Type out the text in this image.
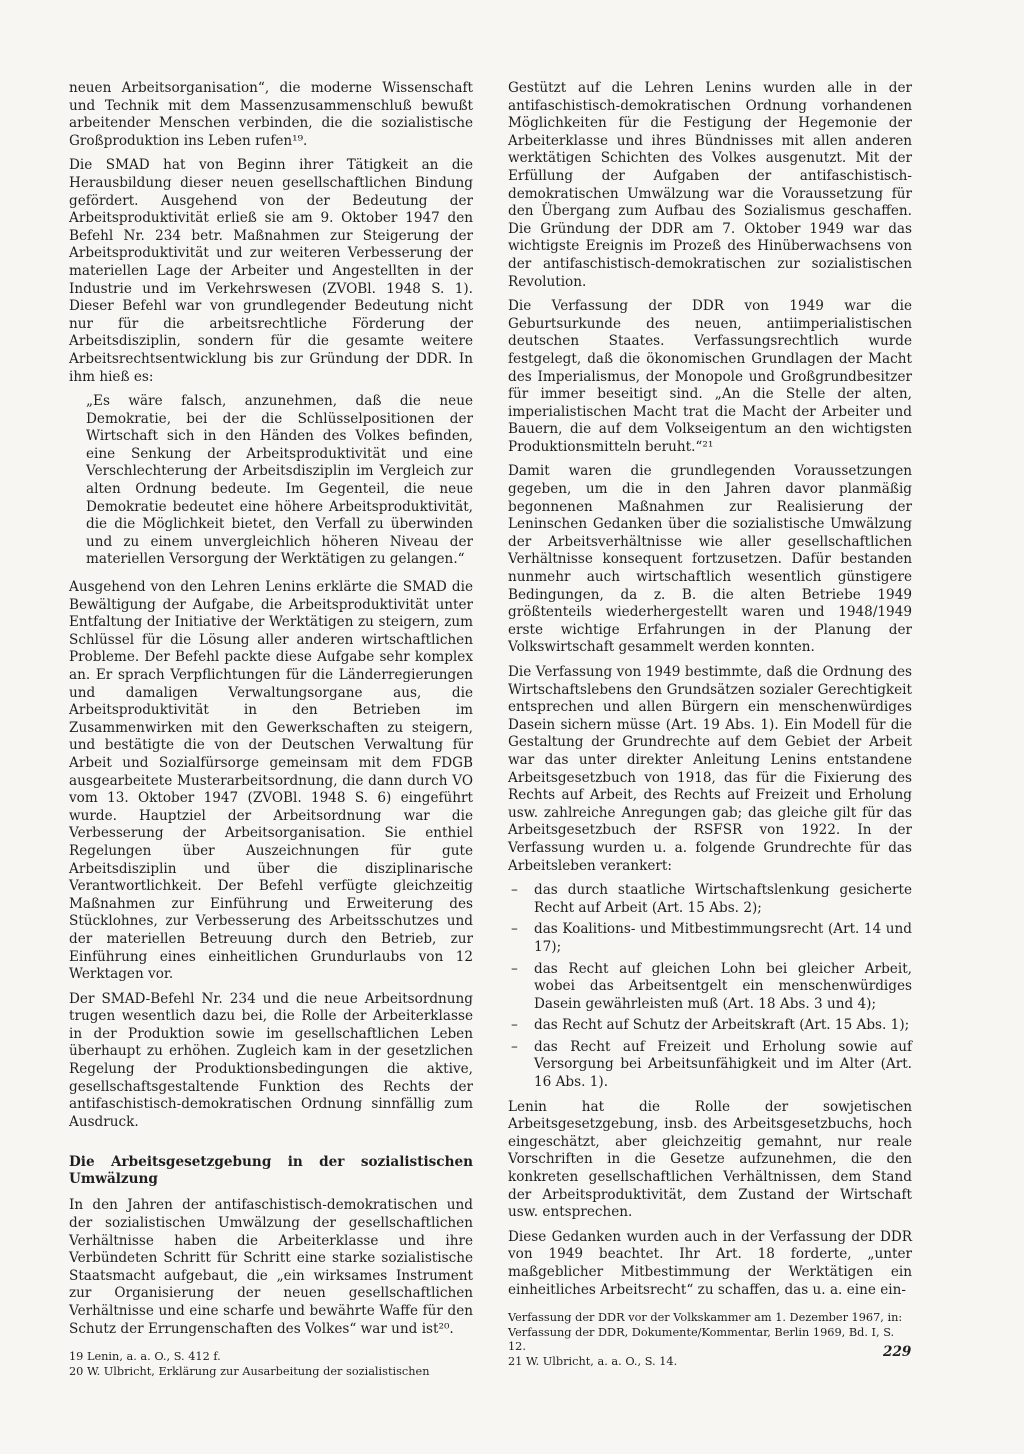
neuen Arbeitsorganisation“, die moderne Wissenschaft und Technik mit dem Massenzusammenschluß bewußt arbeitender Menschen verbinden, die die sozialistische Großproduktion ins Leben rufen¹⁹.

Die SMAD hat von Beginn ihrer Tätigkeit an die Herausbildung dieser neuen gesellschaftlichen Bindung gefördert. Ausgehend von der Bedeutung der Arbeitsproduktivität erließ sie am 9. Oktober 1947 den Befehl Nr. 234 betr. Maßnahmen zur Steigerung der Arbeitsproduktivität und zur weiteren Verbesserung der materiellen Lage der Arbeiter und Angestellten in der Industrie und im Verkehrswesen (ZVOBl. 1948 S. 1). Dieser Befehl war von grundlegender Bedeutung nicht nur für die arbeitsrechtliche Förderung der Arbeitsdisziplin, sondern für die gesamte weitere Arbeitsrechtsentwicklung bis zur Gründung der DDR. In ihm hieß es:

„Es wäre falsch, anzunehmen, daß die neue Demokratie, bei der die Schlüsselpositionen der Wirtschaft sich in den Händen des Volkes befinden, eine Senkung der Arbeitsproduktivität und eine Verschlechterung der Arbeitsdisziplin im Vergleich zur alten Ordnung bedeute. Im Gegenteil, die neue Demokratie bedeutet eine höhere Arbeitsproduktivität, die die Möglichkeit bietet, den Verfall zu überwinden und zu einem unvergleichlich höheren Niveau der materiellen Versorgung der Werktätigen zu gelangen.“

Ausgehend von den Lehren Lenins erklärte die SMAD die Bewältigung der Aufgabe, die Arbeitsproduktivität unter Entfaltung der Initiative der Werktätigen zu steigern, zum Schlüssel für die Lösung aller anderen wirtschaftlichen Probleme. Der Befehl packte diese Aufgabe sehr komplex an. Er sprach Verpflichtungen für die Länderregierungen und damaligen Verwaltungsorgane aus, die Arbeitsproduktivität in den Betrieben im Zusammenwirken mit den Gewerkschaften zu steigern, und bestätigte die von der Deutschen Verwaltung für Arbeit und Sozialfürsorge gemeinsam mit dem FDGB ausgearbeitete Musterarbeitsordnung, die dann durch VO vom 13. Oktober 1947 (ZVOBl. 1948 S. 6) eingeführt wurde. Hauptziel der Arbeitsordnung war die Verbesserung der Arbeitsorganisation. Sie enthiel Regelungen über Auszeichnungen für gute Arbeitsdisziplin und über die disziplinarische Verantwortlichkeit. Der Befehl verfügte gleichzeitig Maßnahmen zur Einführung und Erweiterung des Stücklohnes, zur Verbesserung des Arbeitsschutzes und der materiellen Betreuung durch den Betrieb, zur Einführung eines einheitlichen Grundurlaubs von 12 Werktagen vor.

Der SMAD-Befehl Nr. 234 und die neue Arbeitsordnung trugen wesentlich dazu bei, die Rolle der Arbeiterklasse in der Produktion sowie im gesellschaftlichen Leben überhaupt zu erhöhen. Zugleich kam in der gesetzlichen Regelung der Produktionsbedingungen die aktive, gesellschaftsgestaltende Funktion des Rechts der antifaschistisch-demokratischen Ordnung sinnfällig zum Ausdruck.

Die Arbeitsgesetzgebung in der sozialistischen Umwälzung

In den Jahren der antifaschistisch-demokratischen und der sozialistischen Umwälzung der gesellschaftlichen Verhältnisse haben die Arbeiterklasse und ihre Verbündeten Schritt für Schritt eine starke sozialistische Staatsmacht aufgebaut, die „ein wirksames Instrument zur Organisierung der neuen gesellschaftlichen Verhältnisse und eine scharfe und bewährte Waffe für den Schutz der Errungenschaften des Volkes“ war und ist²⁰.

19 Lenin, a. a. O., S. 412 f.

20 W. Ulbricht, Erklärung zur Ausarbeitung der sozialistischen

Gestützt auf die Lehren Lenins wurden alle in der antifaschistisch-demokratischen Ordnung vorhandenen Möglichkeiten für die Festigung der Hegemonie der Arbeiterklasse und ihres Bündnisses mit allen anderen werktätigen Schichten des Volkes ausgenutzt. Mit der Erfüllung der Aufgaben der antifaschistisch-demokratischen Umwälzung war die Voraussetzung für den Übergang zum Aufbau des Sozialismus geschaffen. Die Gründung der DDR am 7. Oktober 1949 war das wichtigste Ereignis im Prozeß des Hinüberwachsens von der antifaschistisch-demokratischen zur sozialistischen Revolution.

Die Verfassung der DDR von 1949 war die Geburtsurkunde des neuen, antiimperialistischen deutschen Staates. Verfassungsrechtlich wurde festgelegt, daß die ökonomischen Grundlagen der Macht des Imperialismus, der Monopole und Großgrundbesitzer für immer beseitigt sind. „An die Stelle der alten, imperialistischen Macht trat die Macht der Arbeiter und Bauern, die auf dem Volkseigentum an den wichtigsten Produktionsmitteln beruht.“²¹

Damit waren die grundlegenden Voraussetzungen gegeben, um die in den Jahren davor planmäßig begonnenen Maßnahmen zur Realisierung der Leninschen Gedanken über die sozialistische Umwälzung der Arbeitsverhältnisse wie aller gesellschaftlichen Verhältnisse konsequent fortzusetzen. Dafür bestanden nunmehr auch wirtschaftlich wesentlich günstigere Bedingungen, da z. B. die alten Betriebe 1949 größtenteils wiederhergestellt waren und 1948/1949 erste wichtige Erfahrungen in der Planung der Volkswirtschaft gesammelt werden konnten.

Die Verfassung von 1949 bestimmte, daß die Ordnung des Wirtschaftslebens den Grundsätzen sozialer Gerechtigkeit entsprechen und allen Bürgern ein menschenwürdiges Dasein sichern müsse (Art. 19 Abs. 1). Ein Modell für die Gestaltung der Grundrechte auf dem Gebiet der Arbeit war das unter direkter Anleitung Lenins entstandene Arbeitsgesetzbuch von 1918, das für die Fixierung des Rechts auf Arbeit, des Rechts auf Freizeit und Erholung usw. zahlreiche Anregungen gab; das gleiche gilt für das Arbeitsgesetzbuch der RSFSR von 1922. In der Verfassung wurden u. a. folgende Grundrechte für das Arbeitsleben verankert:

– das durch staatliche Wirtschaftslenkung gesicherte Recht auf Arbeit (Art. 15 Abs. 2);
– das Koalitions- und Mitbestimmungsrecht (Art. 14 und 17);
– das Recht auf gleichen Lohn bei gleicher Arbeit, wobei das Arbeitsentgelt ein menschenwürdiges Dasein gewährleisten muß (Art. 18 Abs. 3 und 4);
– das Recht auf Schutz der Arbeitskraft (Art. 15 Abs. 1);
– das Recht auf Freizeit und Erholung sowie auf Versorgung bei Arbeitsunfähigkeit und im Alter (Art. 16 Abs. 1).

Lenin hat die Rolle der sowjetischen Arbeitsgesetzgebung, insb. des Arbeitsgesetzbuchs, hoch eingeschätzt, aber gleichzeitig gemahnt, nur reale Vorschriften in die Gesetze aufzunehmen, die den konkreten gesellschaftlichen Verhältnissen, dem Stand der Arbeitsproduktivität, dem Zustand der Wirtschaft usw. entsprechen.

Diese Gedanken wurden auch in der Verfassung der DDR von 1949 beachtet. Ihr Art. 18 forderte, „unter maßgeblicher Mitbestimmung der Werktätigen ein einheitliches Arbeitsrecht“ zu schaffen, das u. a. eine ein-

Verfassung der DDR vor der Volkskammer am 1. Dezember 1967, in: Verfassung der DDR, Dokumente/Kommentar, Berlin 1969, Bd. I, S. 12.

21 W. Ulbricht, a. a. O., S. 14.

229
